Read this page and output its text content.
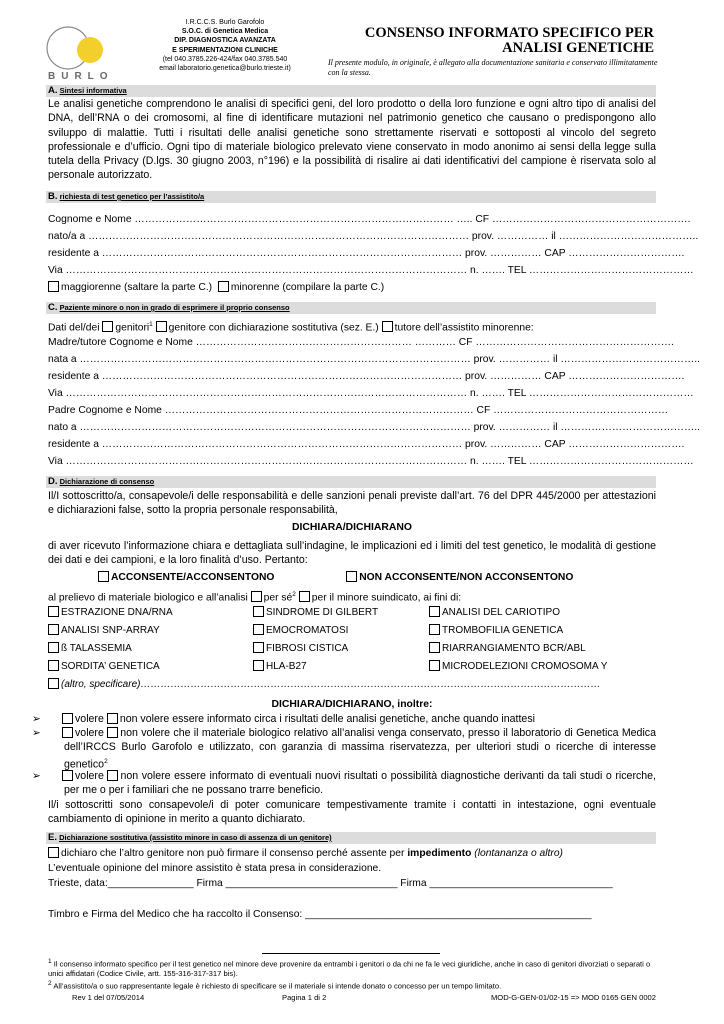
BURLO
I.R.C.C.S. Burlo Garofolo
S.O.C. di Genetica Medica
DIP. DIAGNOSTICA AVANZATA
E SPERIMENTAZIONI CLINICHE
(tel 040.3785.226-424/fax 040.3785.540
email laboratorio.genetica@burlo.trieste.it)
CONSENSO INFORMATO SPECIFICO PER
ANALISI GENETICHE
Il presente modulo, in originale, è allegato alla documentazione sanitaria e conservato illimitatamente con la stessa.
A. Sintesi informativa
Le analisi genetiche comprendono le analisi di specifici geni, del loro prodotto o della loro funzione e ogni altro tipo di analisi del DNA, dell’RNA o dei cromosomi, al fine di identificare mutazioni nel patrimonio genetico che causano o predispongono allo sviluppo di malattie. Tutti i risultati delle analisi genetiche sono strettamente riservati e sottoposti al vincolo del segreto professionale e d’ufficio. Ogni tipo di materiale biologico prelevato viene conservato in modo anonimo ai sensi della legge sulla tutela della Privacy (D.lgs. 30 giugno 2003, n°196) e la possibilità di risalire ai dati identificativi del campione è riservata solo al personale autorizzato.
B. richiesta di test genetico per l’assistito/a
Cognome e Nome ………………………………………………………………………………… ….. CF ………………………………………………….
nato/a a ………………………………………………………………………………………………… prov. …………… il …………………………………..
residente a …………………………………………………………………………………………… prov. …………… CAP …………………………….
Via ……………………………………………………………………………………………………… n. ……. TEL …………………………………………
maggiorenne (saltare la parte C.) minorenne (compilare la parte C.)
C. Paziente minore o non in grado di esprimere il proprio consenso
Dati del/dei genitori$^1$ genitore con dichiarazione sostitutiva (sez. E.) tutore dell’assistito minorenne:
Madre/tutore Cognome e Nome ……………………………………………………… ………… CF ………………………………………………….
nata a …………………………………………………………………………………………………… prov. …………… il …………………………………..
residente a …………………………………………………………………………………………… prov. …………… CAP …………………………….
Via ……………………………………………………………………………………………………… n. ……. TEL …………………………………………
Padre Cognome e Nome ……………………………………………………………………………… CF ……………………………………………
nato a …………………………………………………………………………………………………… prov. …………… il …………………………………..
residente a …………………………………………………………………………………………… prov. …………… CAP …………………………….
Via ……………………………………………………………………………………………………… n. ……. TEL …………………………………………
D. Dichiarazione di consenso
Il/I sottoscritto/a, consapevole/i delle responsabilità e delle sanzioni penali previste dall’art. 76 del DPR 445/2000 per attestazioni e dichiarazioni false, sotto la propria personale responsabilità,
DICHIARA/DICHIARANO
di aver ricevuto l’informazione chiara e dettagliata sull’indagine, le implicazioni ed i limiti del test genetico, le modalità di gestione dei dati e dei campioni, e la loro finalità d’uso. Pertanto:
ACCONSENTE/ACCONSENTONO	NON ACCONSENTE/NON ACCONSENTONO
al prelievo di materiale biologico e all’analisi per $sé^2$ per il minore suindicato, ai fini di:
ESTRAZIONE DNA/RNA	SINDROME DI GILBERT	ANALISI DEL CARIOTIPO
ANALISI SNP-ARRAY	EMOCROMATOSI	TROMBOFILIA GENETICA
ß TALASSEMIA	FIBROSI CISTICA	RIARRANGIAMENTO BCR/ABL
SORDITA’ GENETICA	HLA-B27	MICRODELEZIONI CROMOSOMA Y
(altro, specificare)…………………………………………………………………………………………………………………………
DICHIARA/DICHIARANO, inoltre:
➢	volere non volere essere informato circa i risultati delle analisi genetiche, anche quando inattesi
➢	volere non volere che il materiale biologico relativo all’analisi venga conservato, presso il laboratorio di Genetica Medica dell’IRCCS Burlo Garofolo e utilizzato, con garanzia di massima riservatezza, per ulteriori studi o ricerche di interesse genetico$^2$
➢	volere non volere essere informato di eventuali nuovi risultati o possibilità diagnostiche derivanti da tali studi o ricerche, per me o per i familiari che ne possano trarre beneficio.
Il/i sottoscritti sono consapevole/i di poter comunicare tempestivamente tramite i contatti in intestazione, ogni eventuale cambiamento di opinione in merito a quanto dichiarato.
E. Dichiarazione sostitutiva (assistito minore in caso di assenza di un genitore)
dichiaro che l’altro genitore non può firmare il consenso perché assente per impedimento (lontananza o altro)
L’eventuale opinione del minore assistito è stata presa in considerazione.
Trieste, data:_______________ Firma ______________________________ Firma ________________________________
Timbro e Firma del Medico che ha raccolto il Consenso: __________________________________________________
$^1$ Il consenso informato specifico per il test genetico nel minore deve provenire da entrambi i genitori o da chi ne fa le veci giuridiche, anche in caso di genitori divorziati o separati o unici affidatari (Codice Civile, artt. 155-316-317-317 bis).
$^2$ All’assistito/a o suo rappresentante legale è richiesto di specificare se il materiale si intende donato o concesso per un tempo limitato.
Rev 1 del 07/05/2014	Pagina 1 di 2	MOD-G-GEN-01/02-15 => MOD 0165 GEN 0002
